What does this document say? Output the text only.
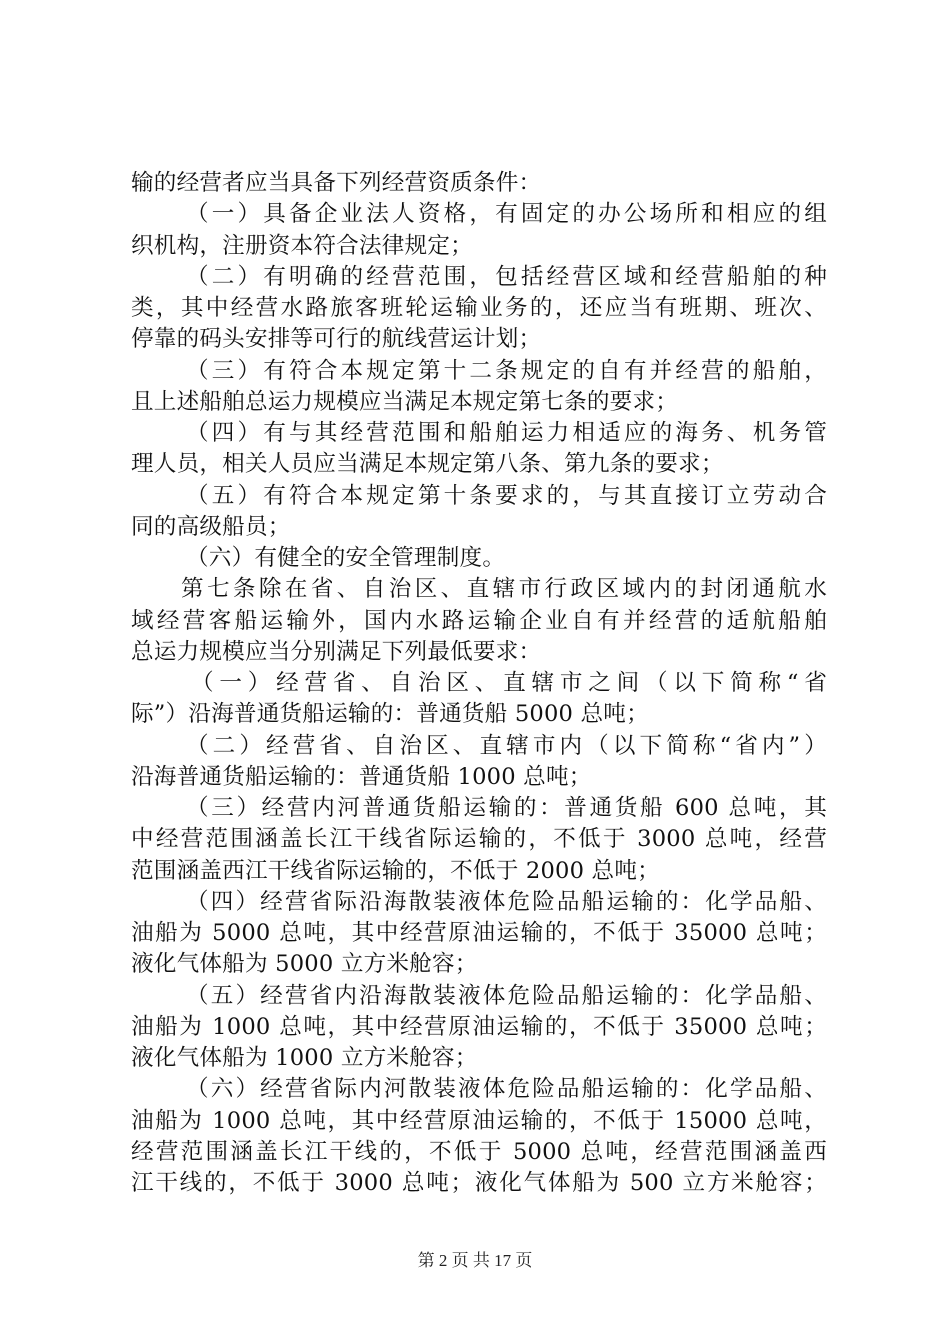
输的经营者应当具备下列经营资质条件：
（一）具备企业法人资格，有固定的办公场所和相应的组
织机构，注册资本符合法律规定；
（二）有明确的经营范围，包括经营区域和经营船舶的种
类，其中经营水路旅客班轮运输业务的，还应当有班期、班次、
停靠的码头安排等可行的航线营运计划；
（三）有符合本规定第十二条规定的自有并经营的船舶，
且上述船舶总运力规模应当满足本规定第七条的要求；
（四）有与其经营范围和船舶运力相适应的海务、机务管
理人员，相关人员应当满足本规定第八条、第九条的要求；
（五）有符合本规定第十条要求的，与其直接订立劳动合
同的高级船员；
（六）有健全的安全管理制度。
第七条除在省、自治区、直辖市行政区域内的封闭通航水
域经营客船运输外，国内水路运输企业自有并经营的适航船舶
总运力规模应当分别满足下列最低要求：
（一）经营省、自治区、直辖市之间（以下简称“省
际”）沿海普通货船运输的：普通货船 5000 总吨；
（二）经营省、自治区、直辖市内（以下简称“省内”）
沿海普通货船运输的：普通货船 1000 总吨；
（三）经营内河普通货船运输的：普通货船 600 总吨，其
中经营范围涵盖长江干线省际运输的，不低于 3000 总吨，经营
范围涵盖西江干线省际运输的，不低于 2000 总吨；
（四）经营省际沿海散装液体危险品船运输的：化学品船、
油船为 5000 总吨，其中经营原油运输的，不低于 35000 总吨；
液化气体船为 5000 立方米舱容；
（五）经营省内沿海散装液体危险品船运输的：化学品船、
油船为 1000 总吨，其中经营原油运输的，不低于 35000 总吨；
液化气体船为 1000 立方米舱容；
（六）经营省际内河散装液体危险品船运输的：化学品船、
油船为 1000 总吨，其中经营原油运输的，不低于 15000 总吨，
经营范围涵盖长江干线的，不低于 5000 总吨，经营范围涵盖西
江干线的，不低于 3000 总吨；液化气体船为 500 立方米舱容；
第 2 页 共 17 页
